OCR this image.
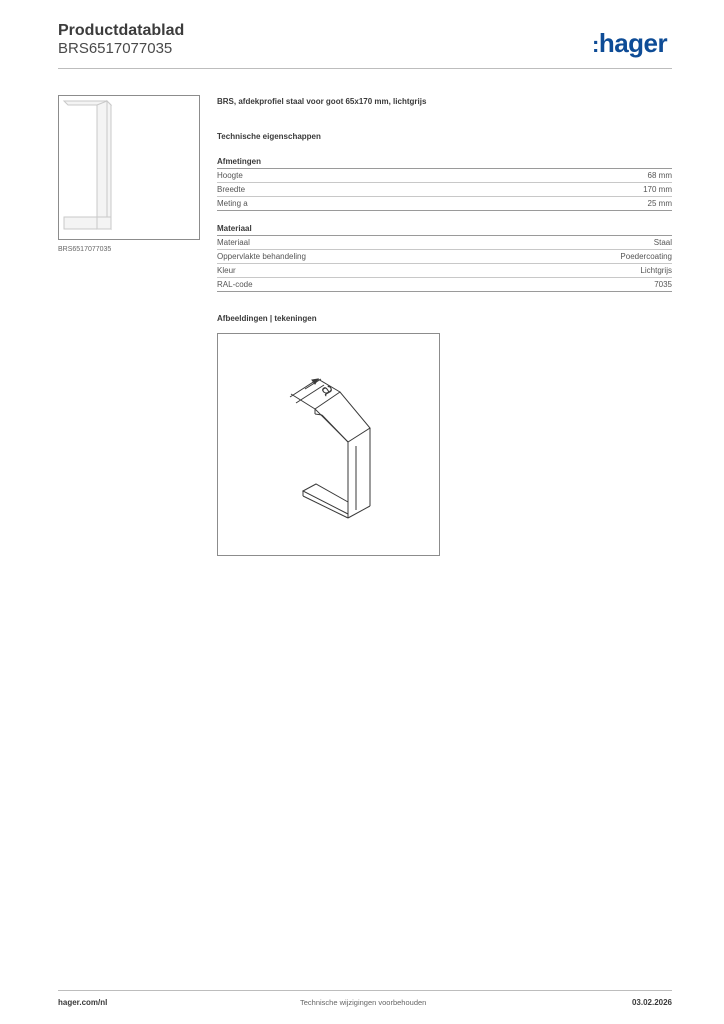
Productdatablad
BRS6517077035	:hager
BRS6517077035
BRS, afdekprofiel staal voor goot 65x170 mm, lichtgrijs
Technische eigenschappen
Afmetingen
Hoogte	68 mm
Breedte	170 mm
Meting a	25 mm
Materiaal
Materiaal	Staal
Oppervlakte behandeling	Poedercoating
Kleur	Lichtgrijs
RAL-code	7035
Afbeeldingen | tekeningen
a
hager.com/nl	Technische wijzigingen voorbehouden	03.02.2026
